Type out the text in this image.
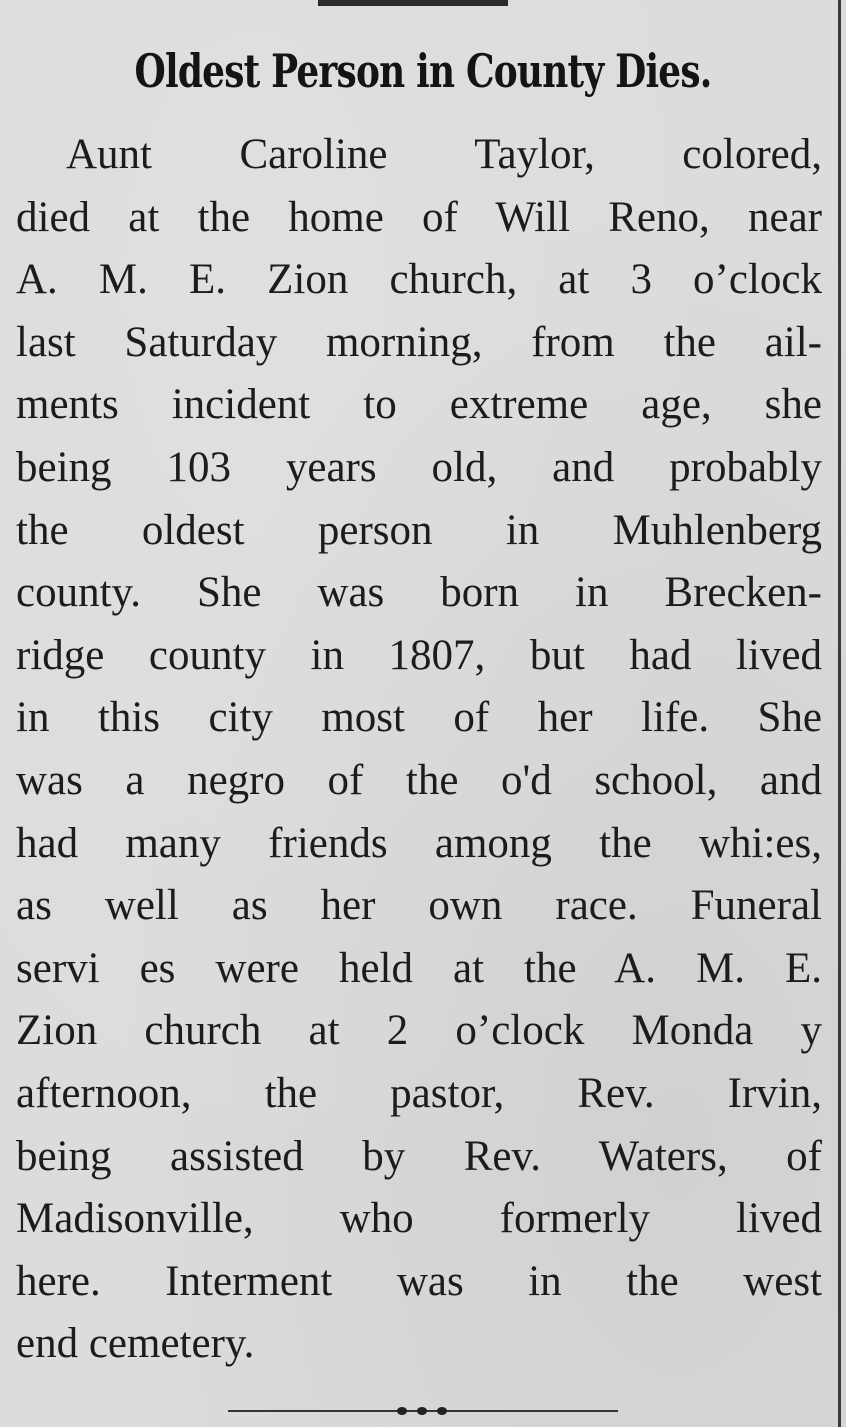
Oldest Person in County Dies.
Aunt Caroline Taylor, colored,
died at the home of Will Reno, near
A. M. E. Zion church, at 3 o’clock
last Saturday morning, from the ail-
ments incident to extreme age, she
being 103 years old, and probably
the oldest person in Muhlenberg
county. She was born in Brecken-
ridge county in 1807, but had lived
in this city most of her life. She
was a negro of the o'd school, and
had many friends among the whi:es,
as well as her own race. Funeral
servi es were held at the A. M. E.
Zion church at 2 o’clock Monda y
afternoon, the pastor, Rev. Irvin,
being assisted by Rev. Waters, of
Madisonville, who formerly lived
here. Interment was in the west
end cemetery.
